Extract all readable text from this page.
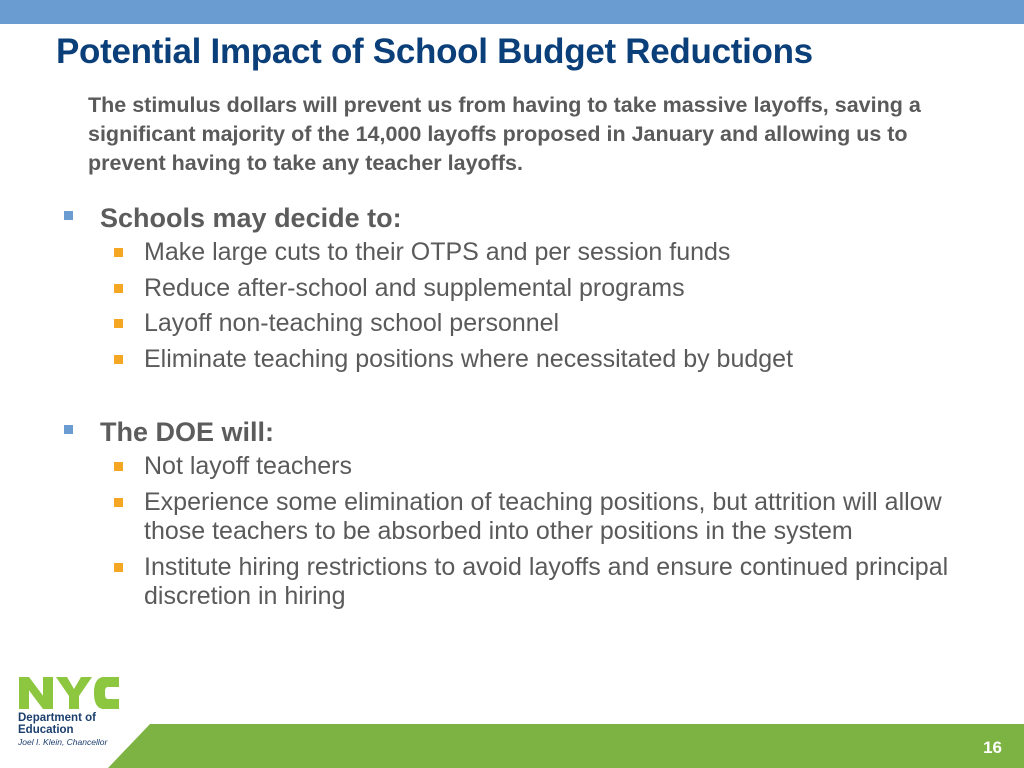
Potential Impact of School Budget Reductions

The stimulus dollars will prevent us from having to take massive layoffs, saving a significant majority of the 14,000 layoffs proposed in January and allowing us to prevent having to take any teacher layoffs.

Schools may decide to:
Make large cuts to their OTPS and per session funds
Reduce after-school and supplemental programs
Layoff non-teaching school personnel
Eliminate teaching positions where necessitated by budget
The DOE will:
Not layoff teachers
Experience some elimination of teaching positions, but attrition will allow those teachers to be absorbed into other positions in the system
Institute hiring restrictions to avoid layoffs and ensure continued principal discretion in hiring
Department of
Education
Joel I. Klein, Chancellor	16
